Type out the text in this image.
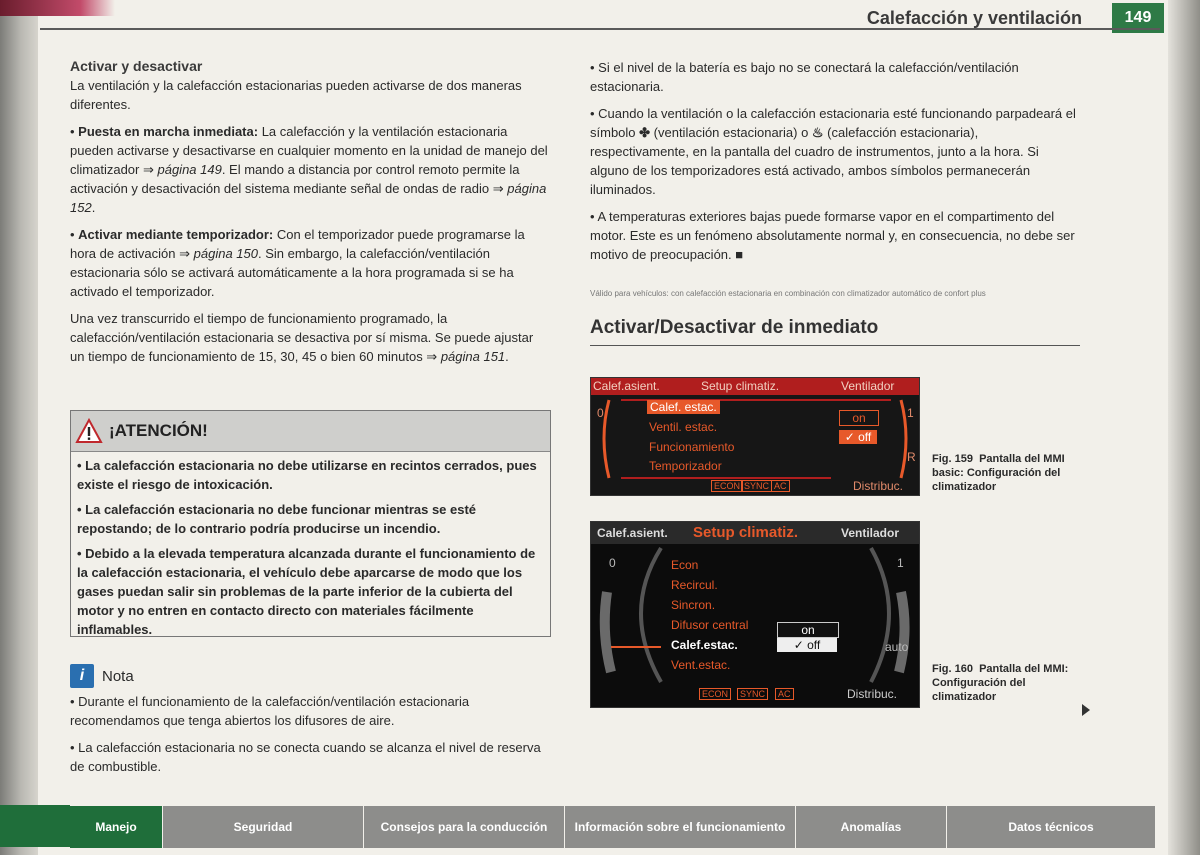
Calefacción y ventilación	149
Activar y desactivar

La ventilación y la calefacción estacionarias pueden activarse de dos maneras diferentes.

• Puesta en marcha inmediata: La calefacción y la ventilación estacionaria pueden activarse y desactivarse en cualquier momento en la unidad de manejo del climatizador ⇒ página 149. El mando a distancia por control remoto permite la activación y desactivación del sistema mediante señal de ondas de radio ⇒ página 152.

• Activar mediante temporizador: Con el temporizador puede programarse la hora de activación ⇒ página 150. Sin embargo, la calefacción/ventilación estacionaria sólo se activará automáticamente a la hora programada si se ha activado el temporizador.

Una vez transcurrido el tiempo de funcionamiento programado, la calefacción/ventilación estacionaria se desactiva por sí misma. Se puede ajustar un tiempo de funcionamiento de 15, 30, 45 o bien 60 minutos ⇒ página 151.

¡ATENCIÓN!

• La calefacción estacionaria no debe utilizarse en recintos cerrados, pues existe el riesgo de intoxicación.

• La calefacción estacionaria no debe funcionar mientras se esté repostando; de lo contrario podría producirse un incendio.

• Debido a la elevada temperatura alcanzada durante el funcionamiento de la calefacción estacionaria, el vehículo debe aparcarse de modo que los gases puedan salir sin problemas de la parte inferior de la cubierta del motor y no entren en contacto directo con materiales fácilmente inflamables.

i	Nota

• Durante el funcionamiento de la calefacción/ventilación estacionaria recomendamos que tenga abiertos los difusores de aire.

• La calefacción estacionaria no se conecta cuando se alcanza el nivel de reserva de combustible.

• Si el nivel de la batería es bajo no se conectará la calefacción/ventilación estacionaria.

• Cuando la ventilación o la calefacción estacionaria esté funcionando parpadeará el símbolo ✤ (ventilación estacionaria) o ♨ (calefacción estacionaria), respectivamente, en la pantalla del cuadro de instrumentos, junto a la hora. Si alguno de los temporizadores está activado, ambos símbolos permanecerán iluminados.

• A temperaturas exteriores bajas puede formarse vapor en el compartimento del motor. Este es un fenómeno absolutamente normal y, en consecuencia, no debe ser motivo de preocupación. ■

Válido para vehículos: con calefacción estacionaria en combinación con climatizador automático de confort plus
Activar/Desactivar de inmediato
Calef.asient.	Setup climatiz.	Ventilador
0	1
R
Calef. estac.
Ventil. estac.
Funcionamiento
Temporizador
on
✓ off
ECON SYNC AC	Distribuc.
Fig. 159 Pantalla del MMI basic: Configuración del climatizador
Calef.asient. Setup climatiz.	Ventilador
0	1
auto
Econ
Recircul.
Sincron.
Difusor central
Calef.estac.
Vent.estac.
on
✓ off
ECON	SYNC	AC	Distribuc.
Fig. 160 Pantalla del MMI: Configuración del climatizador
Manejo	Seguridad	Consejos para la conducción	Información sobre el funcionamiento	Anomalías	Datos técnicos
